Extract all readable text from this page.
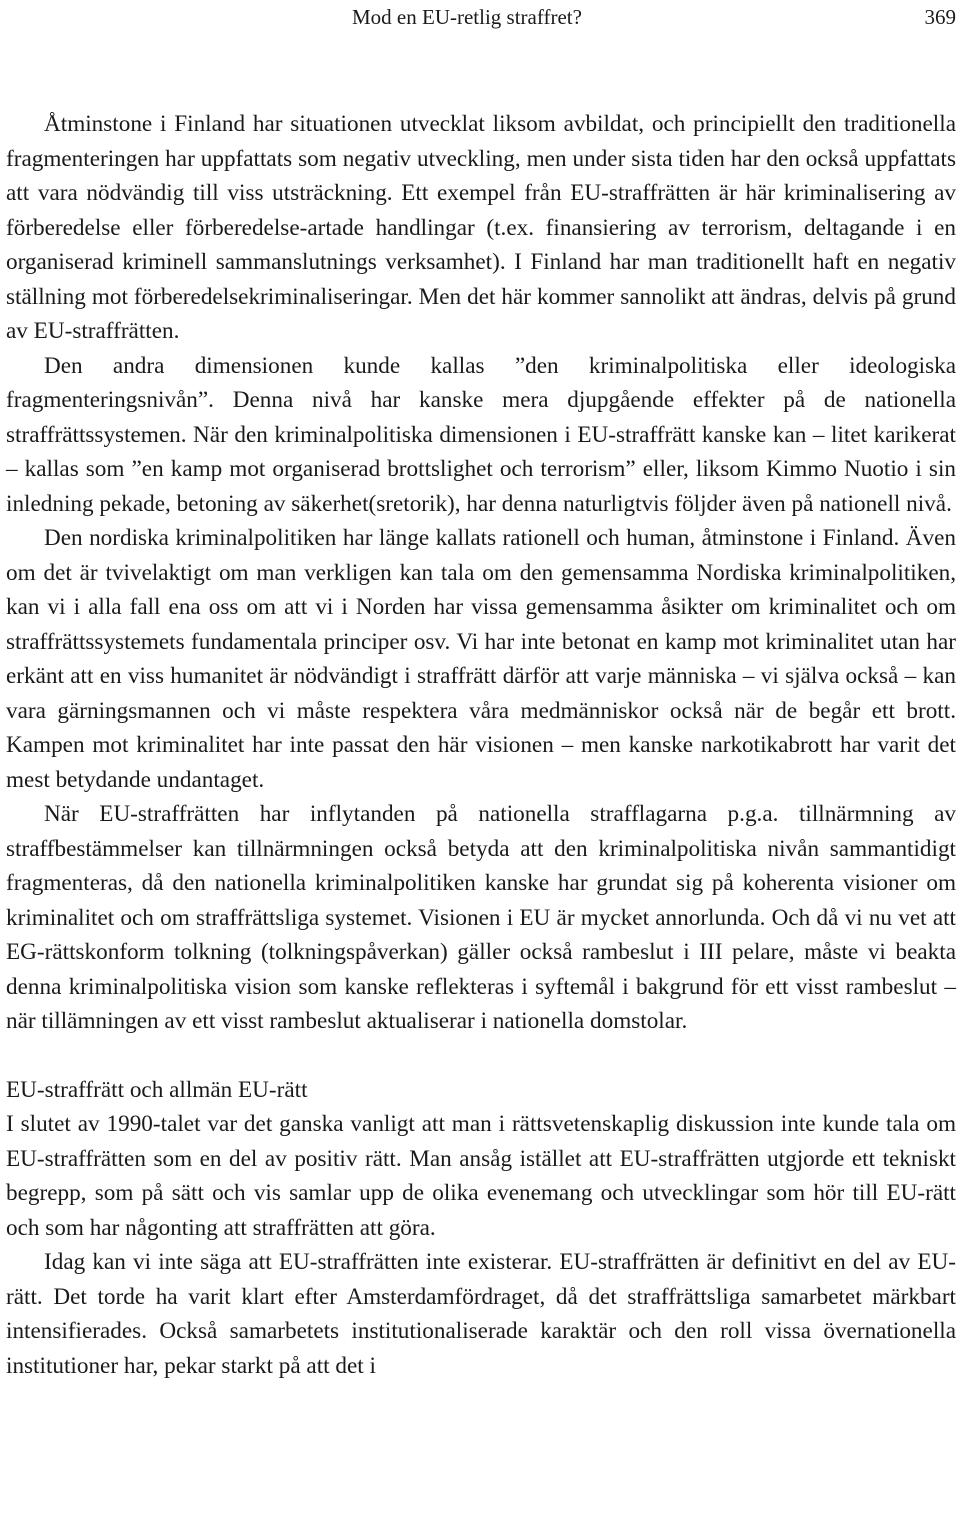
Mod en EU-retlig straffret?	369

Åtminstone i Finland har situationen utvecklat liksom avbildat, och principiellt den traditionella fragmenteringen har uppfattats som negativ utveckling, men under sista tiden har den också uppfattats att vara nödvändig till viss utsträckning. Ett exempel från EU-straffrätten är här kriminalisering av förberedelse eller förberedelse-artade handlingar (t.ex. finansiering av terrorism, deltagande i en organiserad kriminell sammanslutnings verksamhet). I Finland har man traditionellt haft en negativ ställning mot förberedelsekriminaliseringar. Men det här kommer sannolikt att ändras, delvis på grund av EU-straffrätten.

Den andra dimensionen kunde kallas ”den kriminalpolitiska eller ideologiska fragmenteringsnivån”. Denna nivå har kanske mera djupgående effekter på de nationella straffrättssystemen. När den kriminalpolitiska dimensionen i EU-straffrätt kanske kan – litet karikerat – kallas som ”en kamp mot organiserad brottslighet och terrorism” eller, liksom Kimmo Nuotio i sin inledning pekade, betoning av säkerhet(sretorik), har denna naturligtvis följder även på nationell nivå.

Den nordiska kriminalpolitiken har länge kallats rationell och human, åtminstone i Finland. Även om det är tvivelaktigt om man verkligen kan tala om den gemensamma Nordiska kriminalpolitiken, kan vi i alla fall ena oss om att vi i Norden har vissa gemensamma åsikter om kriminalitet och om straffrättssystemets fundamentala principer osv. Vi har inte betonat en kamp mot kriminalitet utan har erkänt att en viss humanitet är nödvändigt i straffrätt därför att varje människa – vi själva också – kan vara gärningsmannen och vi måste respektera våra medmänniskor också när de begår ett brott. Kampen mot kriminalitet har inte passat den här visionen – men kanske narkotikabrott har varit det mest betydande undantaget.

När EU-straffrätten har inflytanden på nationella strafflagarna p.g.a. tillnärmning av straffbestämmelser kan tillnärmningen också betyda att den kriminalpolitiska nivån sammantidigt fragmenteras, då den nationella kriminalpolitiken kanske har grundat sig på koherenta visioner om kriminalitet och om straffrättsliga systemet. Visionen i EU är mycket annorlunda. Och då vi nu vet att EG-rättskonform tolkning (tolkningspåverkan) gäller också rambeslut i III pelare, måste vi beakta denna kriminalpolitiska vision som kanske reflekteras i syftemål i bakgrund för ett visst rambeslut – när tillämningen av ett visst rambeslut aktualiserar i nationella domstolar.

EU-straffrätt och allmän EU-rätt

I slutet av 1990-talet var det ganska vanligt att man i rättsvetenskaplig diskussion inte kunde tala om EU-straffrätten som en del av positiv rätt. Man ansåg istället att EU-straffrätten utgjorde ett tekniskt begrepp, som på sätt och vis samlar upp de olika evenemang och utvecklingar som hör till EU-rätt och som har någonting att straffrätten att göra.

Idag kan vi inte säga att EU-straffrätten inte existerar. EU-straffrätten är definitivt en del av EU-rätt. Det torde ha varit klart efter Amsterdamfördraget, då det straffrättsliga samarbetet märkbart intensifierades. Också samarbetets institutionaliserade karaktär och den roll vissa övernationella institutioner har, pekar starkt på att det i
